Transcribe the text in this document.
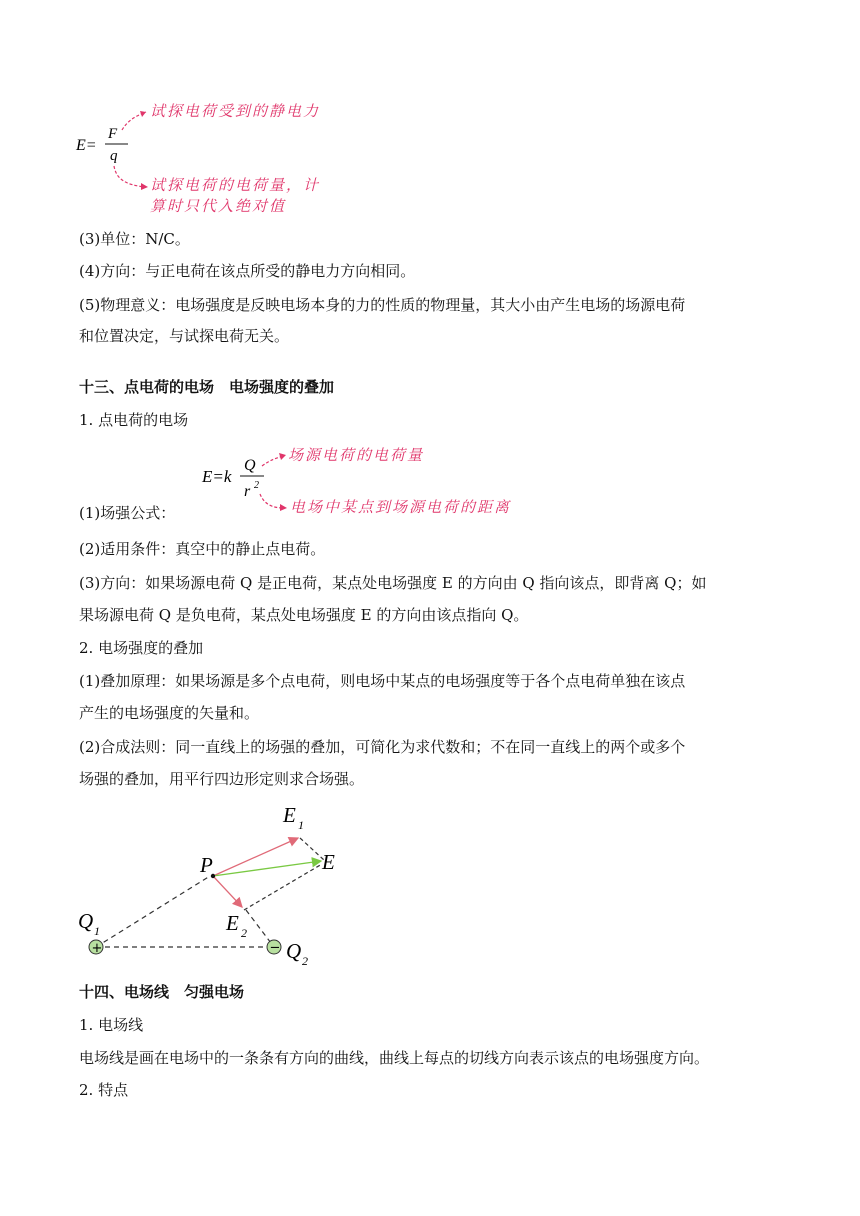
E=
F
q
试探电荷受到的静电力
试探电荷的电荷量，计
算时只代入绝对值
(3)单位：N/C。
(4)方向：与正电荷在该点所受的静电力方向相同。
(5)物理意义：电场强度是反映电场本身的力的性质的物理量，其大小由产生电场的场源电荷
和位置决定，与试探电荷无关。
十三、点电荷的电场　电场强度的叠加
1. 点电荷的电场
E=k
Q
r 2
场源电荷的电荷量
电场中某点到场源电荷的距离
(1)场强公式：
(2)适用条件：真空中的静止点电荷。
(3)方向：如果场源电荷 Q 是正电荷，某点处电场强度 E 的方向由 Q 指向该点，即背离 Q；如
果场源电荷 Q 是负电荷，某点处电场强度 E 的方向由该点指向 Q。
2. 电场强度的叠加
(1)叠加原理：如果场源是多个点电荷，则电场中某点的电场强度等于各个点电荷单独在该点
产生的电场强度的矢量和。
(2)合成法则：同一直线上的场强的叠加，可简化为求代数和；不在同一直线上的两个或多个
场强的叠加，用平行四边形定则求合场强。
P
E 1
E
E 2
Q 1
Q 2
+	−
十四、电场线　匀强电场
1. 电场线
电场线是画在电场中的一条条有方向的曲线，曲线上每点的切线方向表示该点的电场强度方向。
2. 特点
